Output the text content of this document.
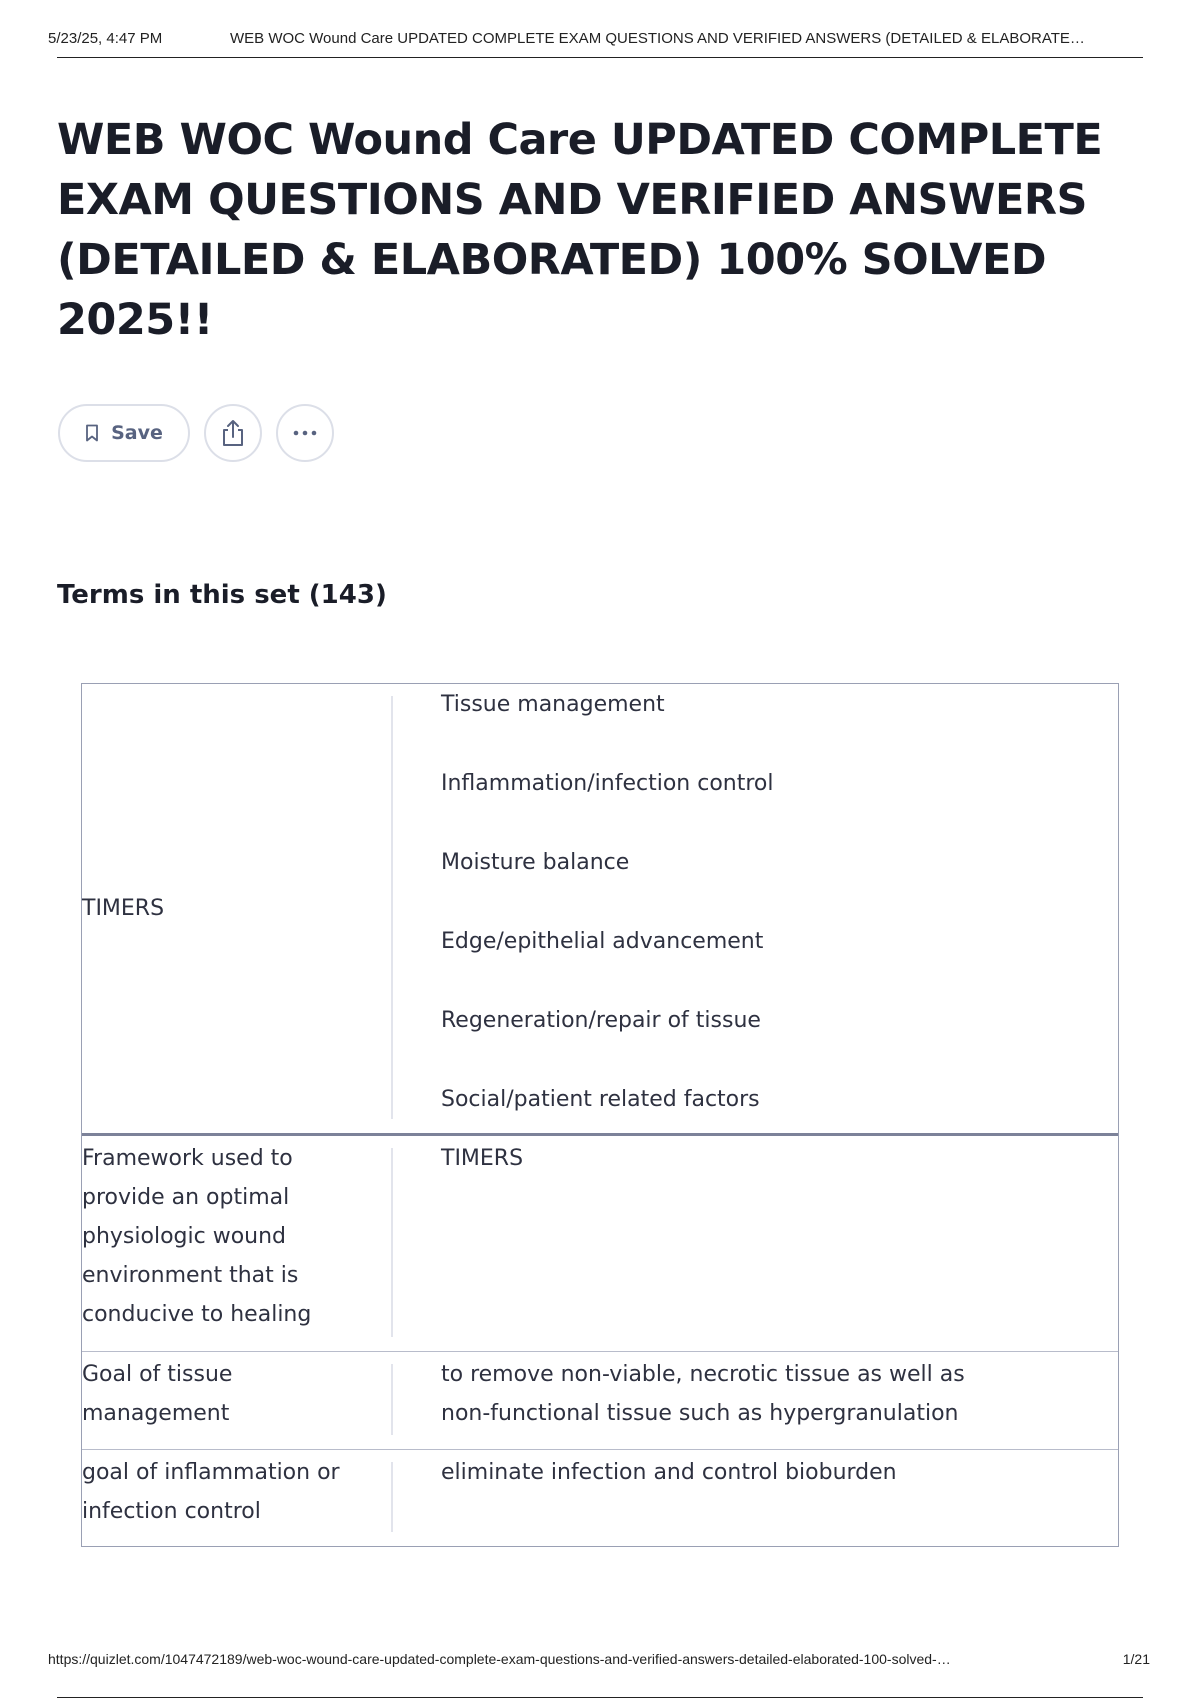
5/23/25, 4:47 PM	WEB WOC Wound Care UPDATED COMPLETE EXAM QUESTIONS AND VERIFIED ANSWERS (DETAILED & ELABORATE…
WEB WOC Wound Care UPDATED COMPLETE EXAM QUESTIONS AND VERIFIED ANSWERS (DETAILED & ELABORATED) 100% SOLVED 2025!!
Save
Terms in this set (143)
TIMERS
Tissue management
Inflammation/infection control
Moisture balance
Edge/epithelial advancement
Regeneration/repair of tissue
Social/patient related factors
Framework used to
provide an optimal
physiologic wound
environment that is
conducive to healing
TIMERS
Goal of tissue
management
to remove non-viable, necrotic tissue as well as
non-functional tissue such as hypergranulation
goal of inflammation or
infection control
eliminate infection and control bioburden
https://quizlet.com/1047472189/web-woc-wound-care-updated-complete-exam-questions-and-verified-answers-detailed-elaborated-100-solved-…	1/21
